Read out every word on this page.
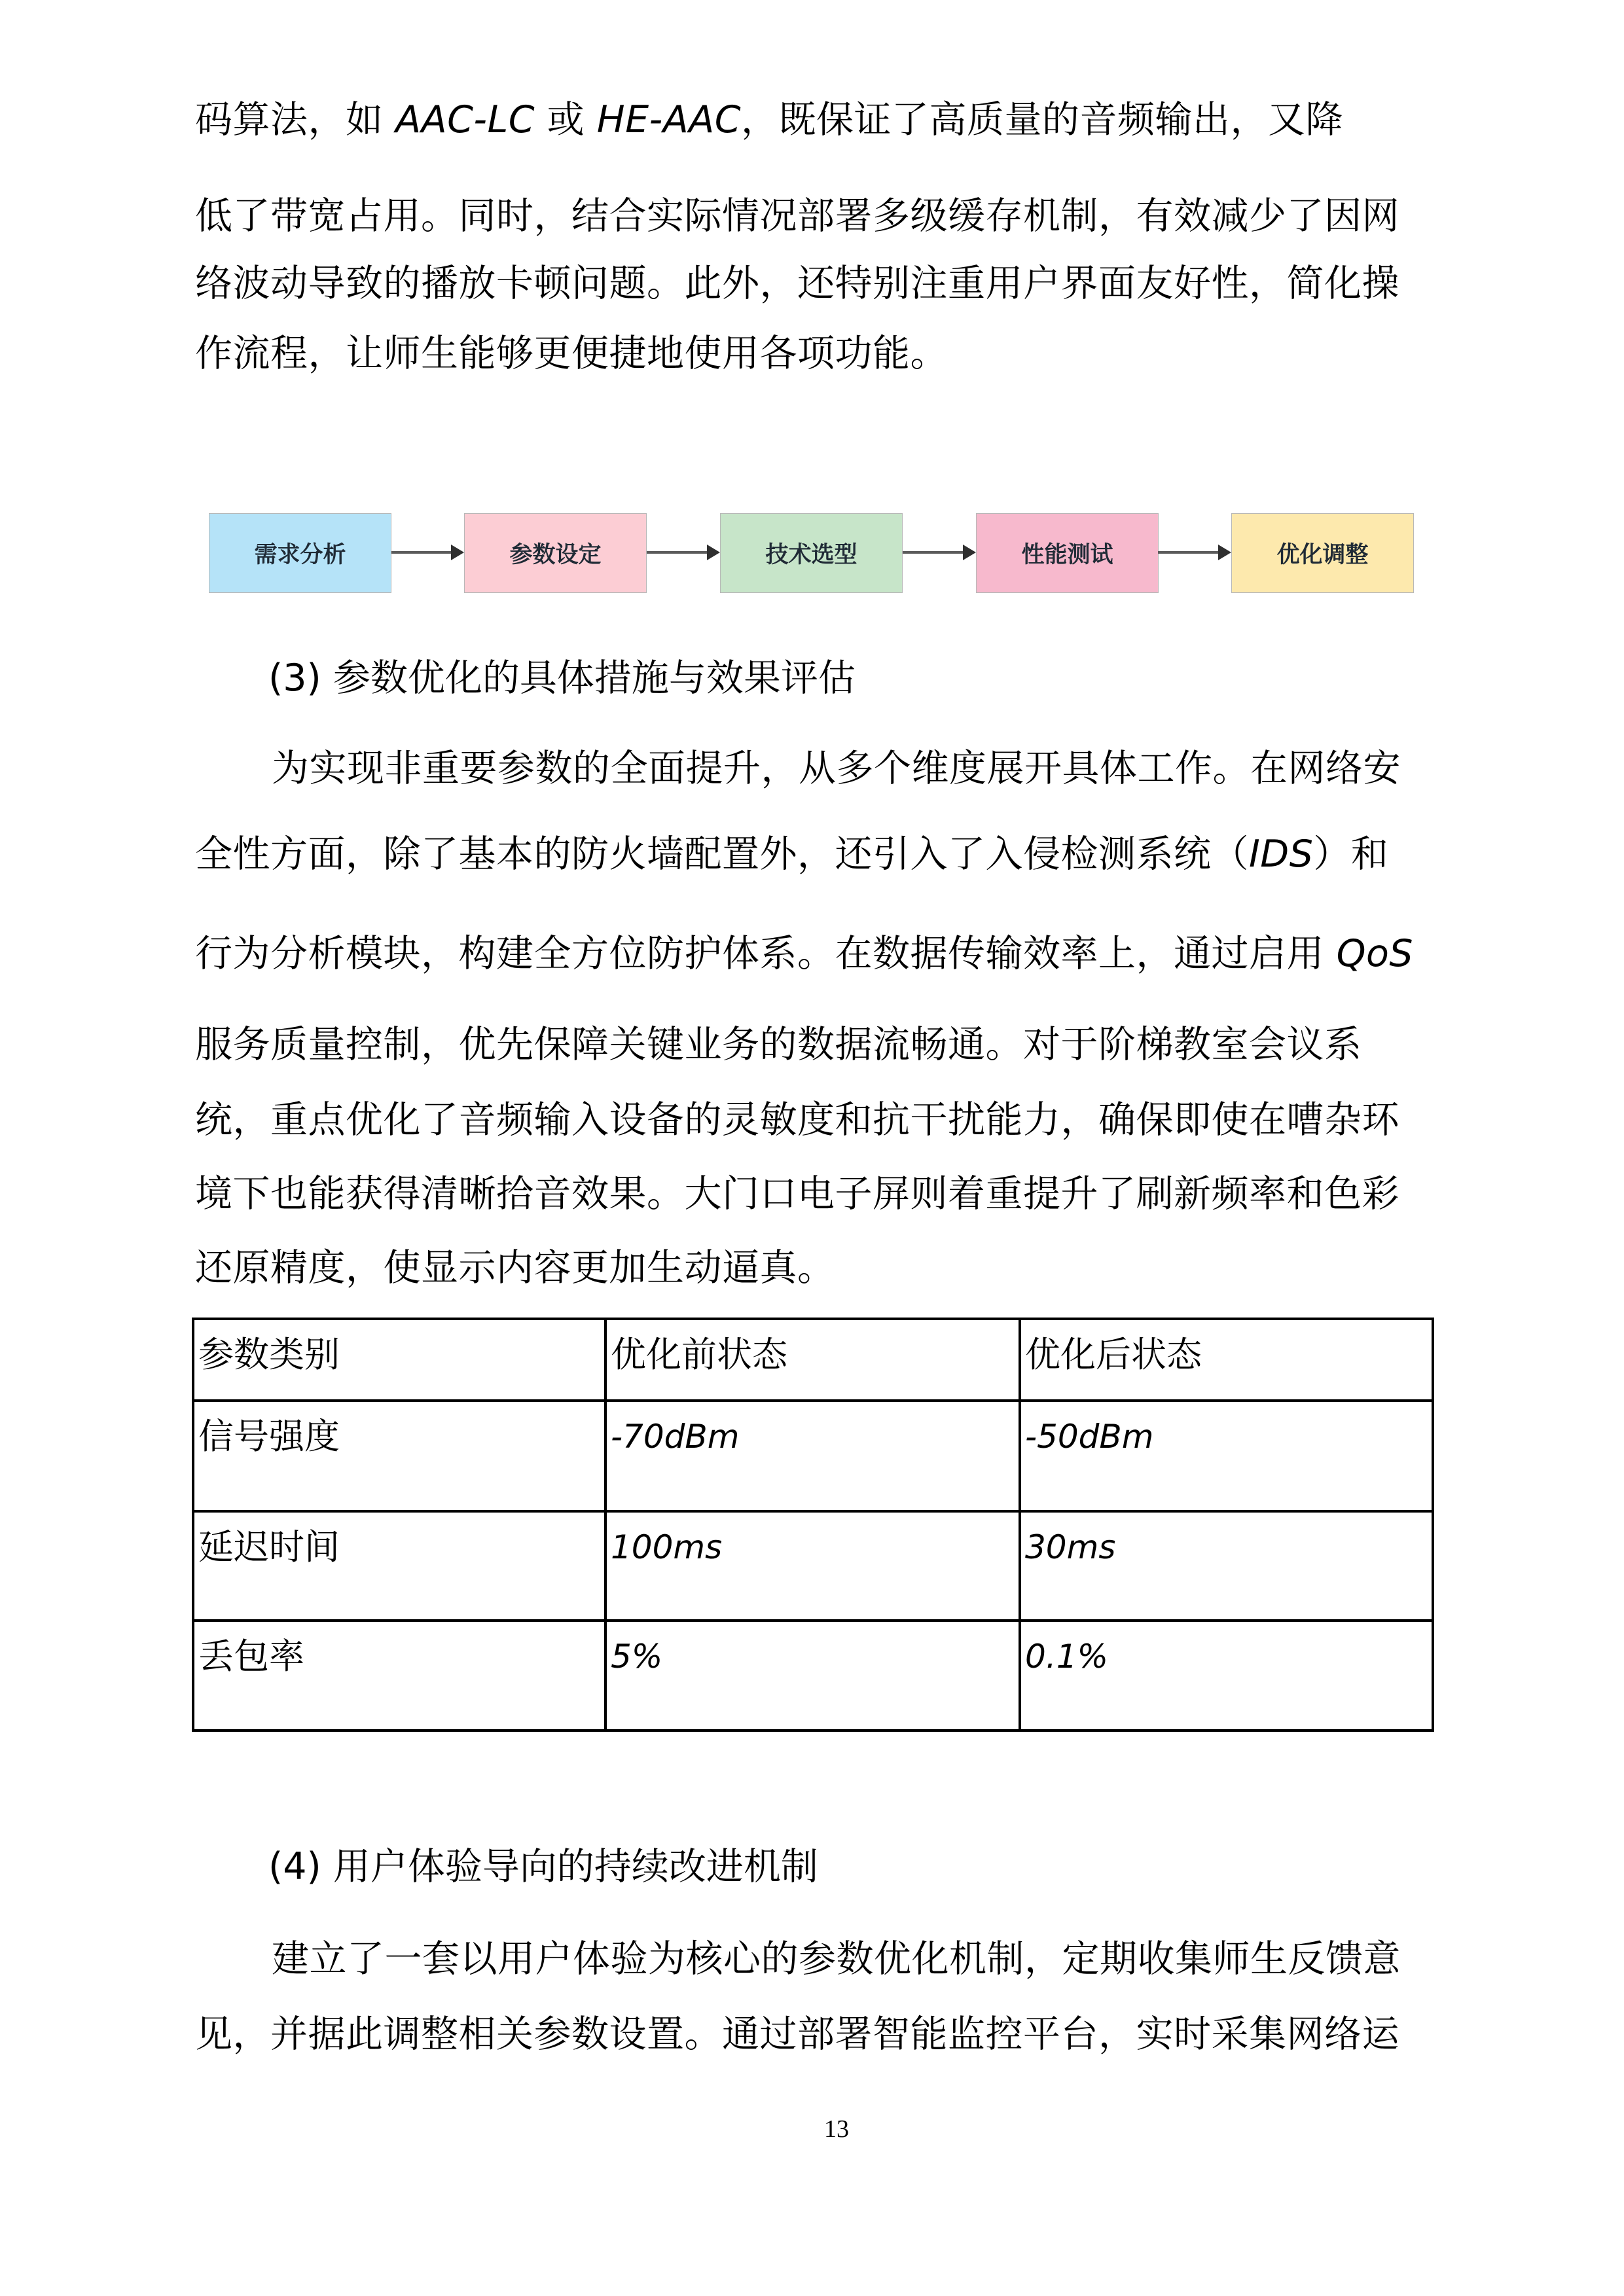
码算法，如 AAC-LC 或 HE-AAC，既保证了高质量的音频输出，又降
低了带宽占用。同时，结合实际情况部署多级缓存机制，有效减少了因网
络波动导致的播放卡顿问题。此外，还特别注重用户界面友好性，简化操
作流程，让师生能够更便捷地使用各项功能。
需求分析	参数设定	技术选型	性能测试	优化调整
(3) 参数优化的具体措施与效果评估
为实现非重要参数的全面提升，从多个维度展开具体工作。在网络安
全性方面，除了基本的防火墙配置外，还引入了入侵检测系统（IDS）和
行为分析模块，构建全方位防护体系。在数据传输效率上，通过启用 QoS
服务质量控制，优先保障关键业务的数据流畅通。对于阶梯教室会议系
统，重点优化了音频输入设备的灵敏度和抗干扰能力，确保即使在嘈杂环
境下也能获得清晰拾音效果。大门口电子屏则着重提升了刷新频率和色彩
还原精度，使显示内容更加生动逼真。
参数类别	优化前状态	优化后状态
信号强度	-70dBm	-50dBm
延迟时间	100ms	30ms
丢包率	5%	0.1%
(4) 用户体验导向的持续改进机制
建立了一套以用户体验为核心的参数优化机制，定期收集师生反馈意
见，并据此调整相关参数设置。通过部署智能监控平台，实时采集网络运
13
